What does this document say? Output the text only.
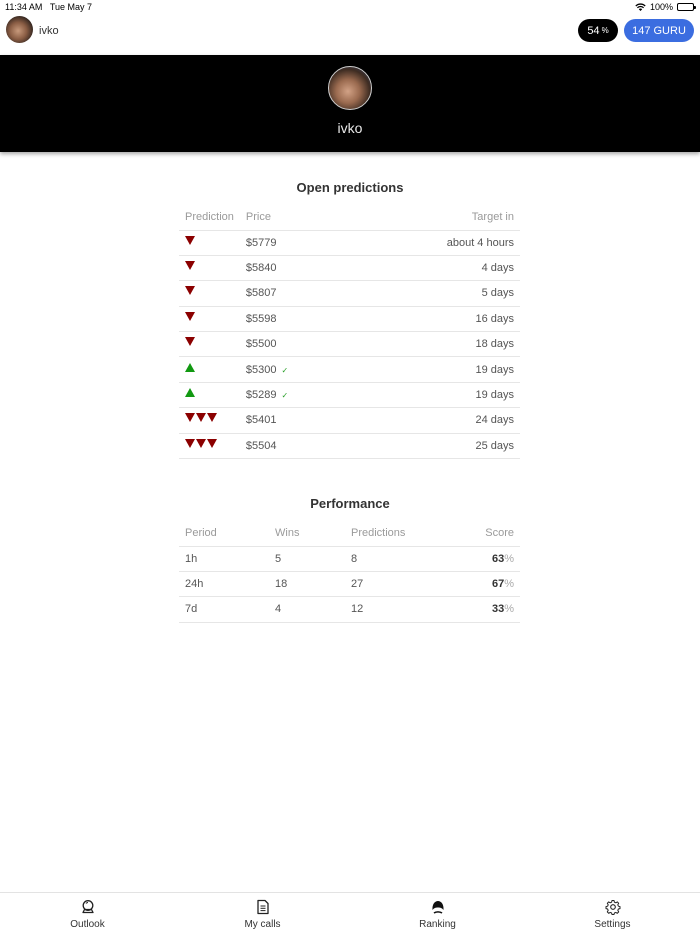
11:34 AM Tue May 7	100%
ivko	54 %	147 GURU
ivko
Open predictions
Prediction	Price	Target in
	$5779	about 4 hours
	$5840	4 days
	$5807	5 days
	$5598	16 days
	$5500	18 days
	$5300 ✓	19 days
	$5289 ✓	19 days
	$5401	24 days
	$5504	25 days
Performance
Period	Wins	Predictions	Score
1h	5	8	63%
24h	18	27	67%
7d	4	12	33%
Outlook	My calls	Ranking	Settings
